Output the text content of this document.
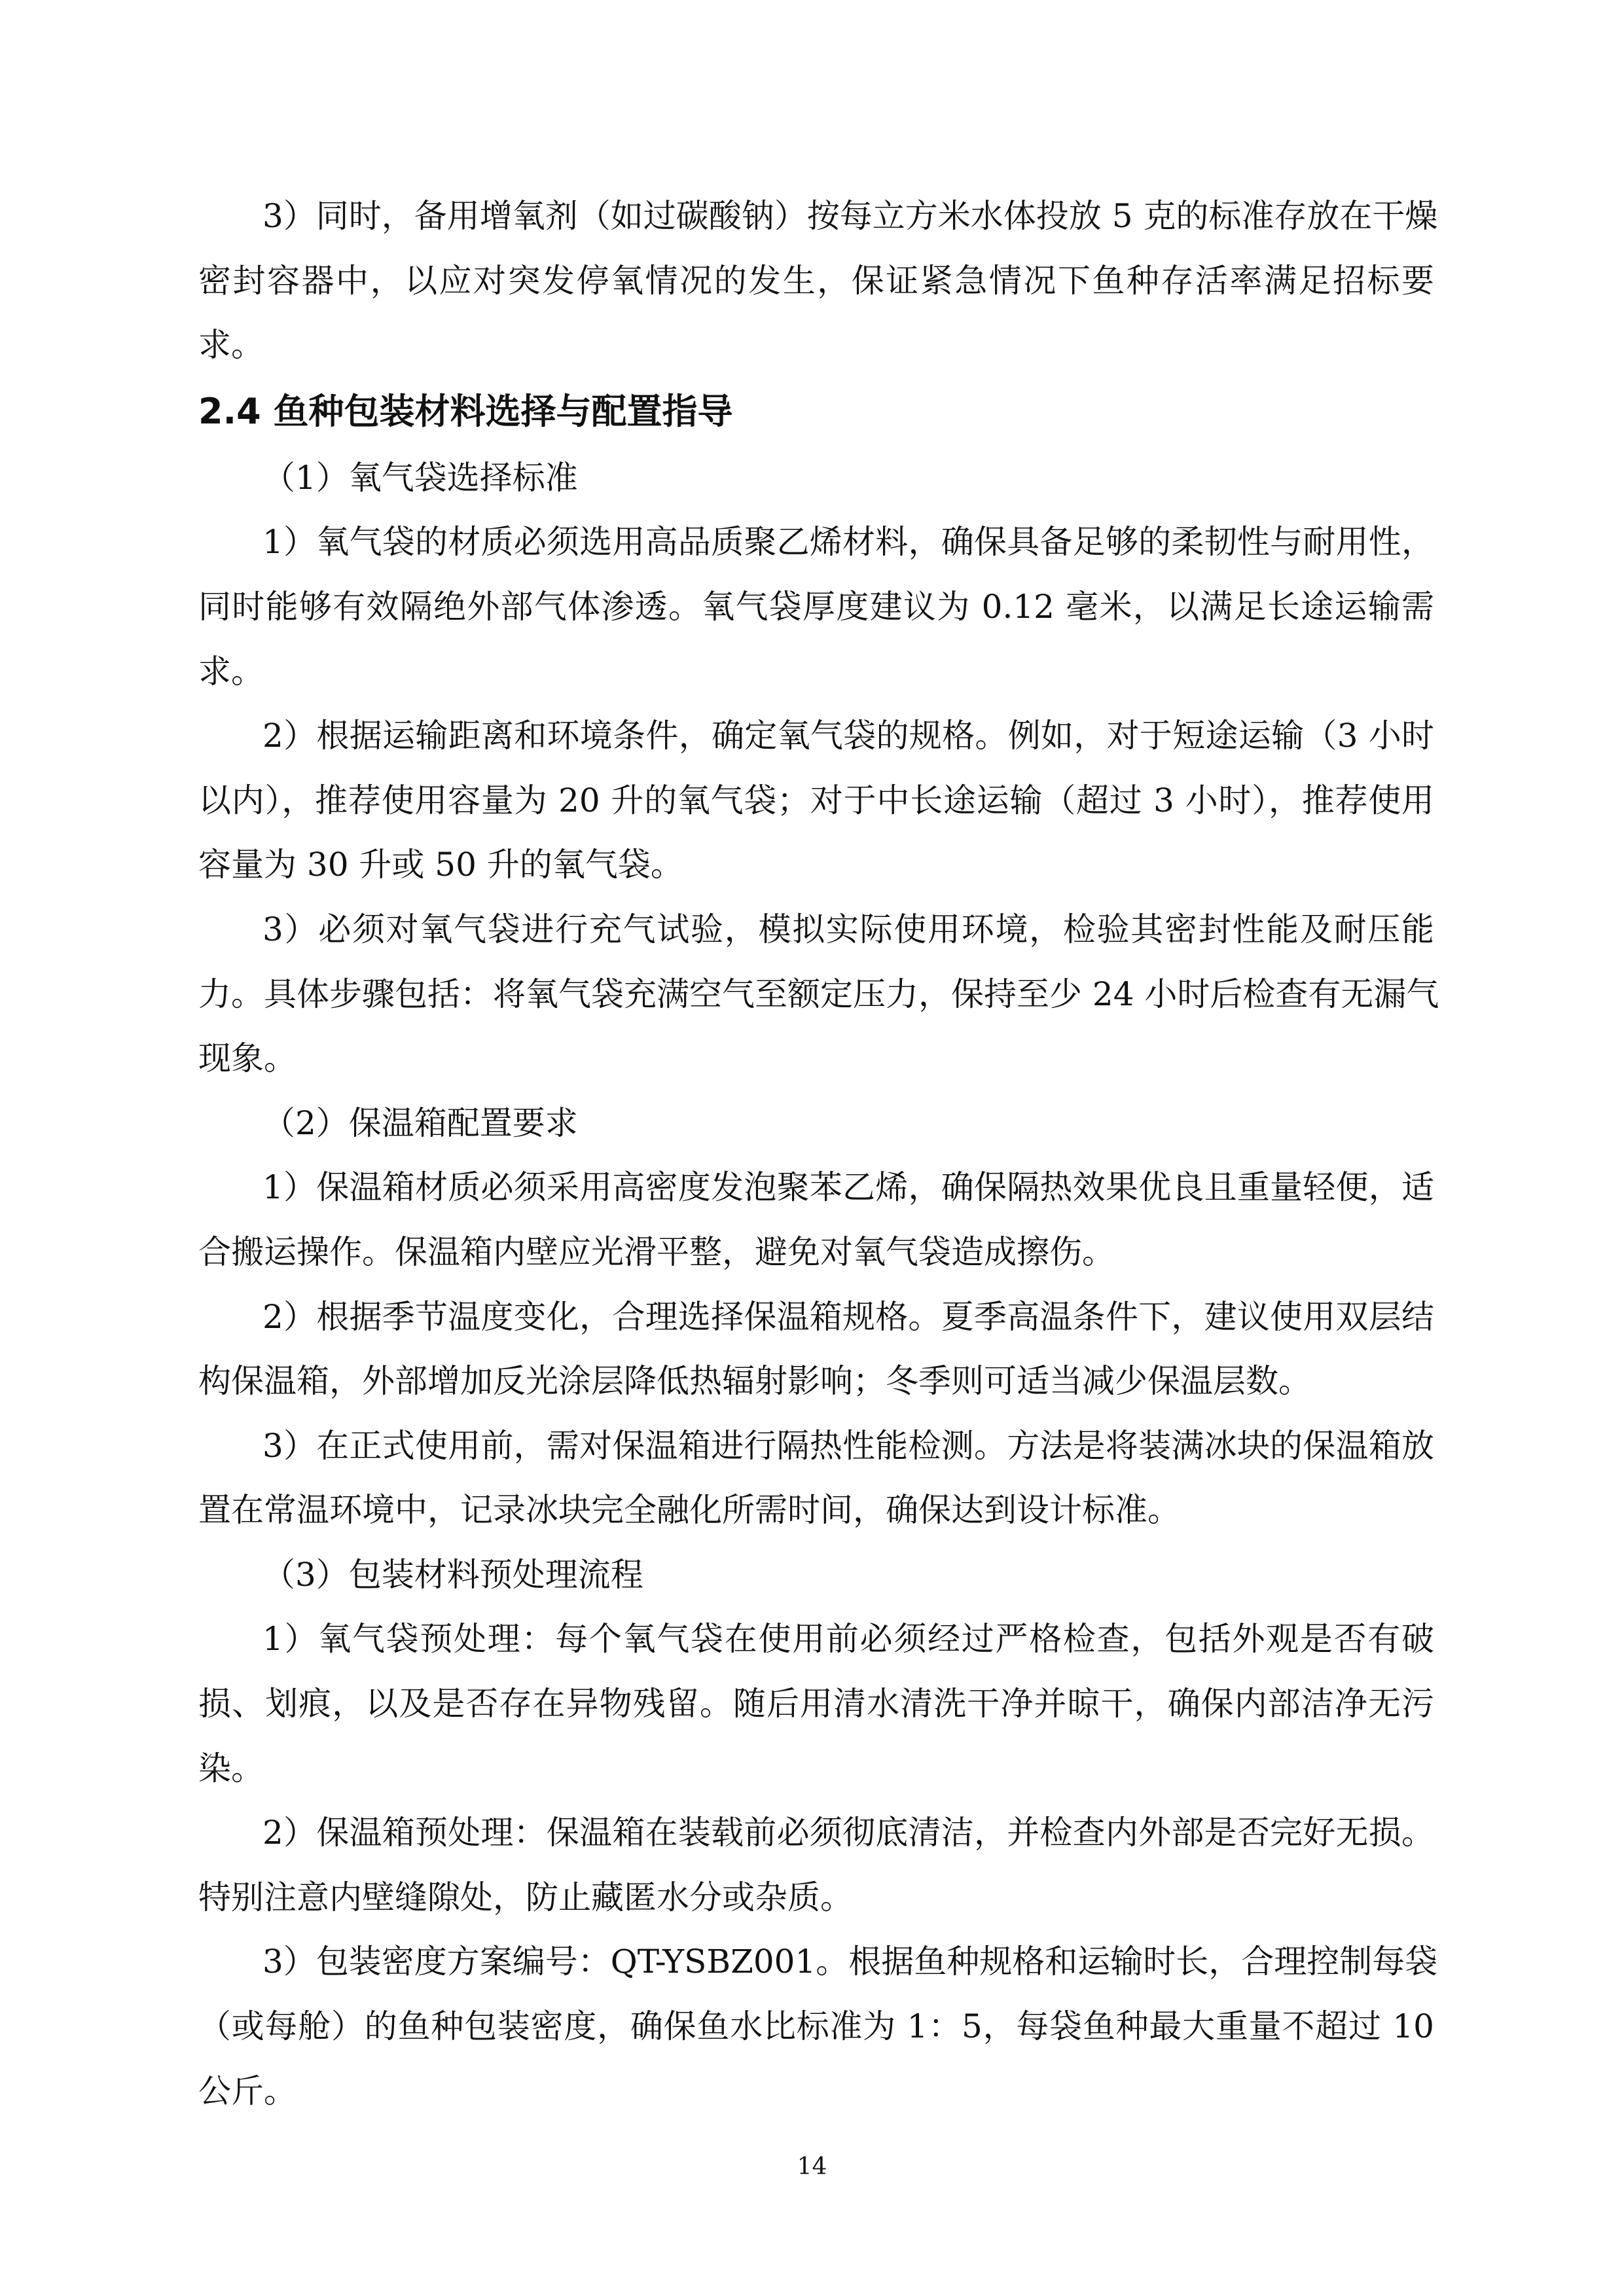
3）同时，备用增氧剂（如过碳酸钠）按每立方米水体投放 5 克的标准存放在干燥
密封容器中，以应对突发停氧情况的发生，保证紧急情况下鱼种存活率满足招标要
求。
2.4 鱼种包装材料选择与配置指导
（1）氧气袋选择标准
1）氧气袋的材质必须选用高品质聚乙烯材料，确保具备足够的柔韧性与耐用性，
同时能够有效隔绝外部气体渗透。氧气袋厚度建议为 0.12 毫米，以满足长途运输需
求。
2）根据运输距离和环境条件，确定氧气袋的规格。例如，对于短途运输（3 小时
以内），推荐使用容量为 20 升的氧气袋；对于中长途运输（超过 3 小时），推荐使用
容量为 30 升或 50 升的氧气袋。
3）必须对氧气袋进行充气试验，模拟实际使用环境，检验其密封性能及耐压能
力。具体步骤包括：将氧气袋充满空气至额定压力，保持至少 24 小时后检查有无漏气
现象。
（2）保温箱配置要求
1）保温箱材质必须采用高密度发泡聚苯乙烯，确保隔热效果优良且重量轻便，适
合搬运操作。保温箱内壁应光滑平整，避免对氧气袋造成擦伤。
2）根据季节温度变化，合理选择保温箱规格。夏季高温条件下，建议使用双层结
构保温箱，外部增加反光涂层降低热辐射影响；冬季则可适当减少保温层数。
3）在正式使用前，需对保温箱进行隔热性能检测。方法是将装满冰块的保温箱放
置在常温环境中，记录冰块完全融化所需时间，确保达到设计标准。
（3）包装材料预处理流程
1）氧气袋预处理：每个氧气袋在使用前必须经过严格检查，包括外观是否有破
损、划痕，以及是否存在异物残留。随后用清水清洗干净并晾干，确保内部洁净无污
染。
2）保温箱预处理：保温箱在装载前必须彻底清洁，并检查内外部是否完好无损。
特别注意内壁缝隙处，防止藏匿水分或杂质。
3）包装密度方案编号：QT-YSBZ001。根据鱼种规格和运输时长，合理控制每袋
（或每舱）的鱼种包装密度，确保鱼水比标准为 1：5，每袋鱼种最大重量不超过 10
公斤。
14
